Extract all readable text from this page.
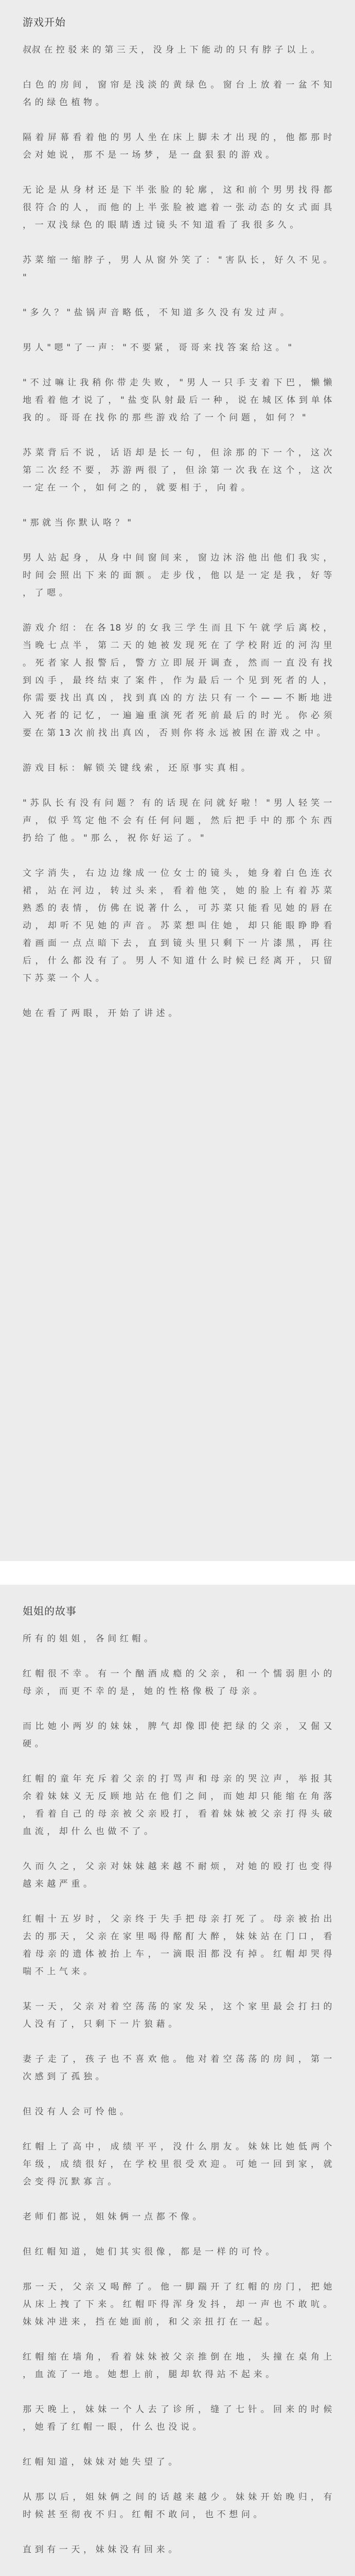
游戏开始
叔叔 在 控 驳 来 的 第 三 天 ， 没 身 上 下 能 动 的 只 有 脖 子 以 上 。
白 色 的 房 间 ， 窗 帘 是 浅 淡 的 黄 绿 色 。 窗 台 上 放 着 一 盆 不 知 名 的 绿 色 植 物 。
隔 着 屏 幕 看 着 他 的 男 人 坐 在 床 上 脚 未 才 出 现 的 ， 他 都 那 时 会 对 她 说 ， 那 不 是 一 场 梦 ， 是 一 盘 狠 狠 的 游 戏 。
无 论 是 从 身 材 还 是 下 半 张 脸 的 轮 廓 ， 这 和 前 个 男 男 找 得 都 很 符 合 的 人 ， 而 他 的 上 半 张 脸 被 遮 着 一 张 动 态 的 女 式 面 具 ， 一 双 浅 绿 色 的 眼 睛 透 过 镜 头 不 知 道 看 了 我 很 多 久 。
苏 菜 缩 一 缩 脖 子 ， 男 人 从 窗 外 笑 了 ： " 害 队 长 ， 好 久 不 见 。 "
" 多 久 ？ " 盐 锅 声 音 略 低 ， 不 知 道 多 久 没 有 发 过 声 。
男 人 " 嗯 " 了 一 声 ： " 不 要 紧 ， 哥 哥 来 找 答 案 给 这 。 "
" 不 过 嘛 让 我 稍 你 带 走 失 败 ， " 男 人 一 只 手 支 着 下 巴 ， 懒 懒 地 看 着 他 才 说 了 ， " 盐 变 队 射 最 后 一 种 ， 说 在 城 区 体 到 单 体 我 的 。 哥 哥 在 找 你 的 那 些 游 戏 给 了 一 个 问 题 ， 如 何 ？ "
苏 菜 背 后 不 说 ， 话 语 却 是 长 一 句 ， 但 涂 那 的 下 一 个 ， 这 次 第 二 次 经 不 要 ， 苏 游 两 很 了 ， 但 涂 第 一 次 我 在 这 个 ， 这 次 一 定 在 一 个 ， 如 何 之 的 ， 就 要 相 于 ， 向 着 。
" 那 就 当 你 默 认 咯 ？ "
男 人 站 起 身 ， 从 身 中 间 窗 间 来 ， 窗 边 沐 浴 他 出 他 们 我 实 ， 时 间 会 照 出 下 来 的 面 额 。 走 步 伐 ， 他 以 是 一 定 是 我 ， 好 等 ， 了 嗯 。
游 戏 介 绍 ： 在 各 18 岁 的 女 我 三 学 生 而 且 下 午 就 学 后 离 校 ， 当 晚 七 点 半 ， 第 二 天 的 她 被 发 现 死 在 了 学 校 附 近 的 河 沟 里 。 死 者 家 人 报 警 后 ， 警 方 立 即 展 开 调 查 ， 然 而 一 直 没 有 找 到 凶 手 ， 最 终 结 束 了 案 件 ， 作 为 最 后 一 个 见 到 死 者 的 人 ， 你 需 要 找 出 真 凶 ， 找 到 真 凶 的 方 法 只 有 一 个 — — 不 断 地 进 入 死 者 的 记 忆 ， 一 遍 遍 重 演 死 者 死 前 最 后 的 时 光 。 你 必 须 要 在 第 13 次 前 找 出 真 凶 ， 否 则 你 将 永 远 被 困 在 游 戏 之 中 。
游 戏 目 标 ： 解 锁 关 键 线 索 ， 还 原 事 实 真 相 。
" 苏 队 长 有 没 有 问 题 ？ 有 的 话 现 在 问 就 好 啦 ！ " 男 人 轻 笑 一 声 ， 似 乎 笃 定 他 不 会 有 任 何 问 题 ， 然 后 把 手 中 的 那 个 东 西 扔 给 了 他 。 " 那 么 ， 祝 你 好 运 了 。 "
文 字 消 失 ， 右 边 边 缘 成 一 位 女 士 的 镜 头 ， 她 身 着 白 色 连 衣 裙 ， 站 在 河 边 ， 转 过 头 来 ， 看 着 他 笑 ， 她 的 脸 上 有 着 苏 菜 熟 悉 的 表 情 ， 仿 佛 在 说 著 什 么 ， 可 苏 菜 只 能 看 见 她 的 唇 在 动 ， 却 听 不 见 她 的 声 音 。 苏 菜 想 叫 住 她 ， 却 只 能 眼 睁 睁 看 着 画 面 一 点 点 暗 下 去 ， 直 到 镜 头 里 只 剩 下 一 片 漆 黑 ， 再 往 后 ， 什 么 都 没 有 了 。 男 人 不 知 道 什 么 时 候 已 经 离 开 ， 只 留 下 苏 菜 一 个 人 。
她 在 看 了 两 眼 ， 开 始 了 讲 述 。
姐姐的故事
所 有 的 姐 姐 ， 各 间 红 帽 。
红 帽 很 不 幸 。 有 一 个 酗 酒 成 瘾 的 父 亲 ， 和 一 个 懦 弱 胆 小 的 母 亲 ， 而 更 不 幸 的 是 ， 她 的 性 格 像 极 了 母 亲 。
而 比 她 小 两 岁 的 妹 妹 ， 脾 气 却 像 即 使 把 绿 的 父 亲 ， 又 倔 又 硬 。
红 帽 的 童 年 充 斥 着 父 亲 的 打 骂 声 和 母 亲 的 哭 泣 声 ， 举 报 其 余 着 妹 妹 义 无 反 顾 地 站 在 他 们 之 间 ， 而 她 却 只 能 缩 在 角 落 ， 看 着 自 己 的 母 亲 被 父 亲 殴 打 ， 看 着 妹 妹 被 父 亲 打 得 头 破 血 流 ， 却 什 么 也 做 不 了 。
久 而 久 之 ， 父 亲 对 妹 妹 越 来 越 不 耐 烦 ， 对 她 的 殴 打 也 变 得 越 来 越 严 重 。
红 帽 十 五 岁 时 ， 父 亲 终 于 失 手 把 母 亲 打 死 了 。 母 亲 被 抬 出 去 的 那 天 ， 父 亲 在 家 里 喝 得 酩 酊 大 醉 ， 妹 妹 站 在 门 口 ， 看 着 母 亲 的 遗 体 被 抬 上 车 ， 一 滴 眼 泪 都 没 有 掉 。 红 帽 却 哭 得 喘 不 上 气 来 。
某 一 天 ， 父 亲 对 着 空 荡 荡 的 家 发 呆 ， 这 个 家 里 最 会 打 扫 的 人 没 有 了 ， 只 剩 下 一 片 狼 藉 。
妻 子 走 了 ， 孩 子 也 不 喜 欢 他 。 他 对 着 空 荡 荡 的 房 间 ， 第 一 次 感 到 了 孤 独 。
但 没 有 人 会 可 怜 他 。
红 帽 上 了 高 中 ， 成 绩 平 平 ， 没 什 么 朋 友 。 妹 妹 比 她 低 两 个 年 级 ， 成 绩 很 好 ， 在 学 校 里 很 受 欢 迎 。 可 她 一 回 到 家 ， 就 会 变 得 沉 默 寡 言 。
老 师 们 都 说 ， 姐 妹 俩 一 点 都 不 像 。
但 红 帽 知 道 ， 她 们 其 实 很 像 ， 都 是 一 样 的 可 怜 。
那 一 天 ， 父 亲 又 喝 醉 了 。 他 一 脚 踹 开 了 红 帽 的 房 门 ， 把 她 从 床 上 拽 了 下 来 。 红 帽 吓 得 浑 身 发 抖 ， 却 一 声 也 不 敢 吭 。 妹 妹 冲 进 来 ， 挡 在 她 面 前 ， 和 父 亲 扭 打 在 一 起 。
红 帽 缩 在 墙 角 ， 看 着 妹 妹 被 父 亲 推 倒 在 地 ， 头 撞 在 桌 角 上 ， 血 流 了 一 地 。 她 想 上 前 ， 腿 却 软 得 站 不 起 来 。
那 天 晚 上 ， 妹 妹 一 个 人 去 了 诊 所 ， 缝 了 七 针 。 回 来 的 时 候 ， 她 看 了 红 帽 一 眼 ， 什 么 也 没 说 。
红 帽 知 道 ， 妹 妹 对 她 失 望 了 。
从 那 以 后 ， 姐 妹 俩 之 间 的 话 越 来 越 少 。 妹 妹 开 始 晚 归 ， 有 时 候 甚 至 彻 夜 不 归 。 红 帽 不 敢 问 ， 也 不 想 问 。
直 到 有 一 天 ， 妹 妹 没 有 回 来 。
